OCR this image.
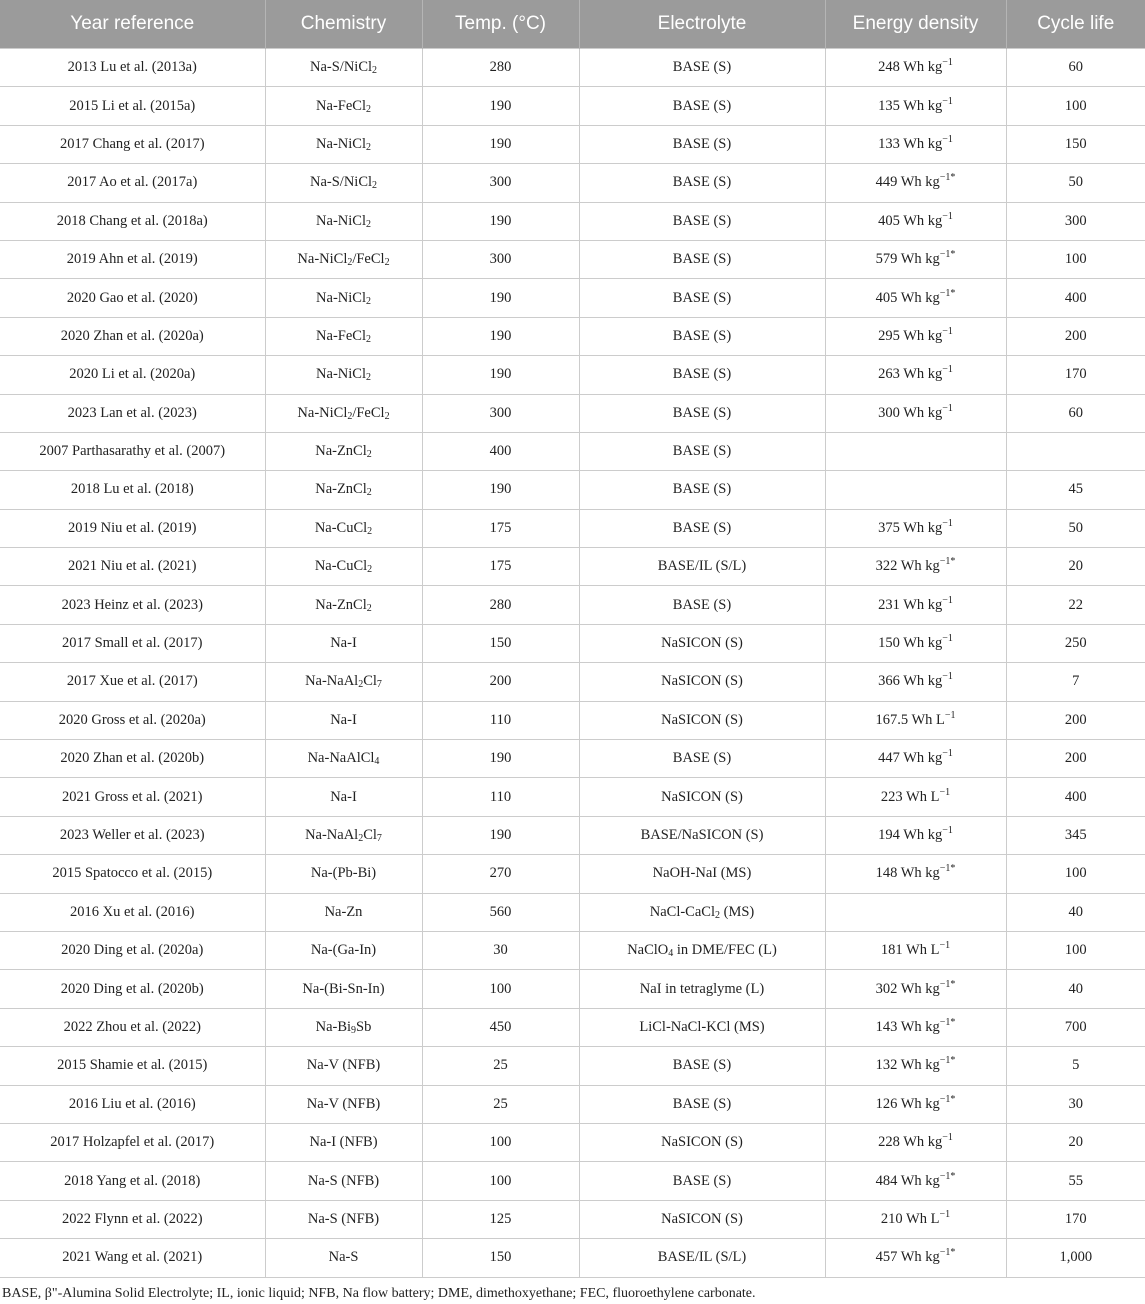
Year reference	Chemistry	Temp. (°C)	Electrolyte	Energy density	Cycle life
2013 Lu et al. (2013a)	Na-S/NiCl$_2$	280	BASE (S)	248 Wh $kg^{-1}$	60
2015 Li et al. (2015a)	Na-FeCl$_2$	190	BASE (S)	135 Wh $kg^{-1}$	100
2017 Chang et al. (2017)	Na-NiCl$_2$	190	BASE (S)	133 Wh $kg^{-1}$	150
2017 Ao et al. (2017a)	Na-S/NiCl$_2$	300	BASE (S)	449 Wh $kg^{-1*}$	50
2018 Chang et al. (2018a)	Na-NiCl$_2$	190	BASE (S)	405 Wh $kg^{-1}$	300
2019 Ahn et al. (2019)	Na-NiCl$_2$/FeCl$_2$	300	BASE (S)	579 Wh $kg^{-1*}$	100
2020 Gao et al. (2020)	Na-NiCl$_2$	190	BASE (S)	405 Wh $kg^{-1*}$	400
2020 Zhan et al. (2020a)	Na-FeCl$_2$	190	BASE (S)	295 Wh $kg^{-1}$	200
2020 Li et al. (2020a)	Na-NiCl$_2$	190	BASE (S)	263 Wh $kg^{-1}$	170
2023 Lan et al. (2023)	Na-NiCl$_2$/FeCl$_2$	300	BASE (S)	300 Wh $kg^{-1}$	60
2007 Parthasarathy et al. (2007)	Na-ZnCl$_2$	400	BASE (S)		
2018 Lu et al. (2018)	Na-ZnCl$_2$	190	BASE (S)		45
2019 Niu et al. (2019)	Na-CuCl$_2$	175	BASE (S)	375 Wh $kg^{-1}$	50
2021 Niu et al. (2021)	Na-CuCl$_2$	175	BASE/IL (S/L)	322 Wh $kg^{-1*}$	20
2023 Heinz et al. (2023)	Na-ZnCl$_2$	280	BASE (S)	231 Wh $kg^{-1}$	22
2017 Small et al. (2017)	Na-I	150	NaSICON (S)	150 Wh $kg^{-1}$	250
2017 Xue et al. (2017)	$Na-NaAl_2Cl_7$	200	NaSICON (S)	366 Wh $kg^{-1}$	7
2020 Gross et al. (2020a)	Na-I	110	NaSICON (S)	167.5 Wh $L^{-1}$	200
2020 Zhan et al. (2020b)	Na-NaAlCl$_4$	190	BASE (S)	447 Wh $kg^{-1}$	200
2021 Gross et al. (2021)	Na-I	110	NaSICON (S)	223 Wh $L^{-1}$	400
2023 Weller et al. (2023)	$Na-NaAl_2Cl_7$	190	BASE/NaSICON (S)	194 Wh $kg^{-1}$	345
2015 Spatocco et al. (2015)	Na-(Pb-Bi)	270	NaOH-NaI (MS)	148 Wh $kg^{-1*}$	100
2016 Xu et al. (2016)	Na-Zn	560	NaCl-CaCl$_2$ (MS)		40
2020 Ding et al. (2020a)	Na-(Ga-In)	30	NaClO$_4$ in DME/FEC (L)	181 Wh $L^{-1}$	100
2020 Ding et al. (2020b)	Na-(Bi-Sn-In)	100	NaI in tetraglyme (L)	302 Wh $kg^{-1*}$	40
2022 Zhou et al. (2022)	$Na-Bi_9Sb$	450	LiCl-NaCl-KCl (MS)	143 Wh $kg^{-1*}$	700
2015 Shamie et al. (2015)	Na-V (NFB)	25	BASE (S)	132 Wh $kg^{-1*}$	5
2016 Liu et al. (2016)	Na-V (NFB)	25	BASE (S)	126 Wh $kg^{-1*}$	30
2017 Holzapfel et al. (2017)	Na-I (NFB)	100	NaSICON (S)	228 Wh $kg^{-1}$	20
2018 Yang et al. (2018)	Na-S (NFB)	100	BASE (S)	484 Wh $kg^{-1*}$	55
2022 Flynn et al. (2022)	Na-S (NFB)	125	NaSICON (S)	210 Wh $L^{-1}$	170
2021 Wang et al. (2021)	Na-S	150	BASE/IL (S/L)	457 Wh $kg^{-1*}$	1,000
BASE, β"-Alumina Solid Electrolyte; IL, ionic liquid; NFB, Na flow battery; DME, dimethoxyethane; FEC, fluoroethylene carbonate.
